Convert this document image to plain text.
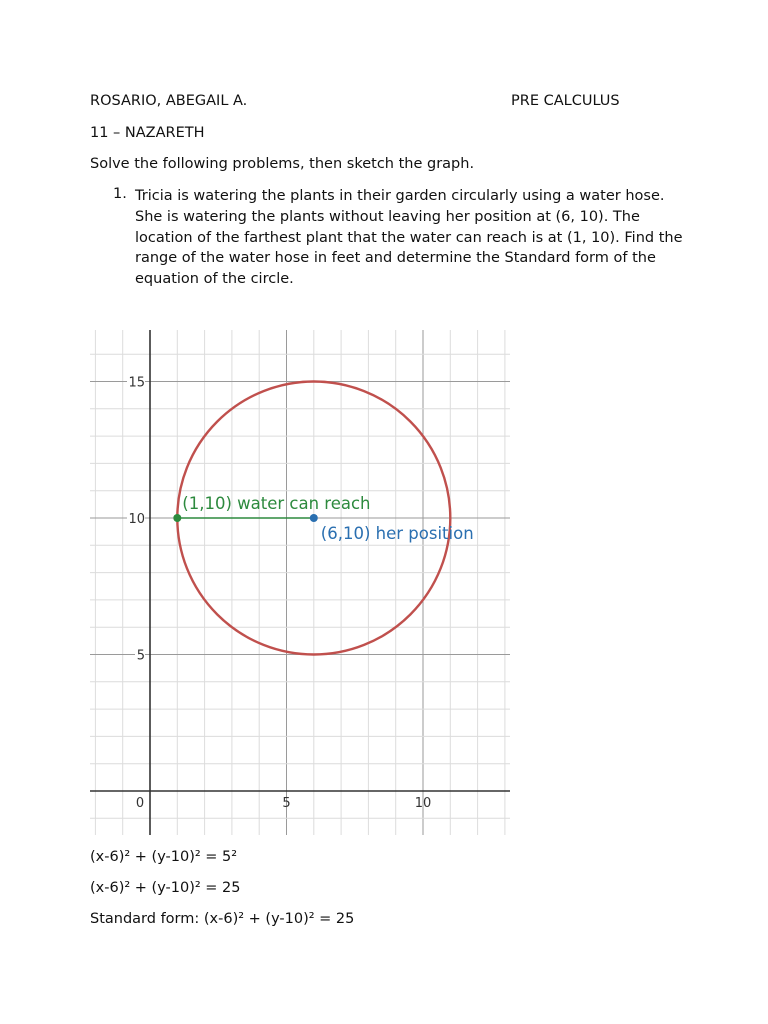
ROSARIO, ABEGAIL A.	PRE CALCULUS
11 – NAZARETH
Solve the following problems, then sketch the graph.
1. Tricia is watering the plants in their garden circularly using a water hose. She is watering the plants without leaving her position at (6, 10). The location of the farthest plant that the water can reach is at (1, 10). Find the range of the water hose in feet and determine the Standard form of the equation of the circle.
0	5	10
5
10
15
(1,10) water can reach
(6,10) her position
(x-6)² + (y-10)² = 5²
(x-6)² + (y-10)² = 25
Standard form: (x-6)² + (y-10)² = 25
